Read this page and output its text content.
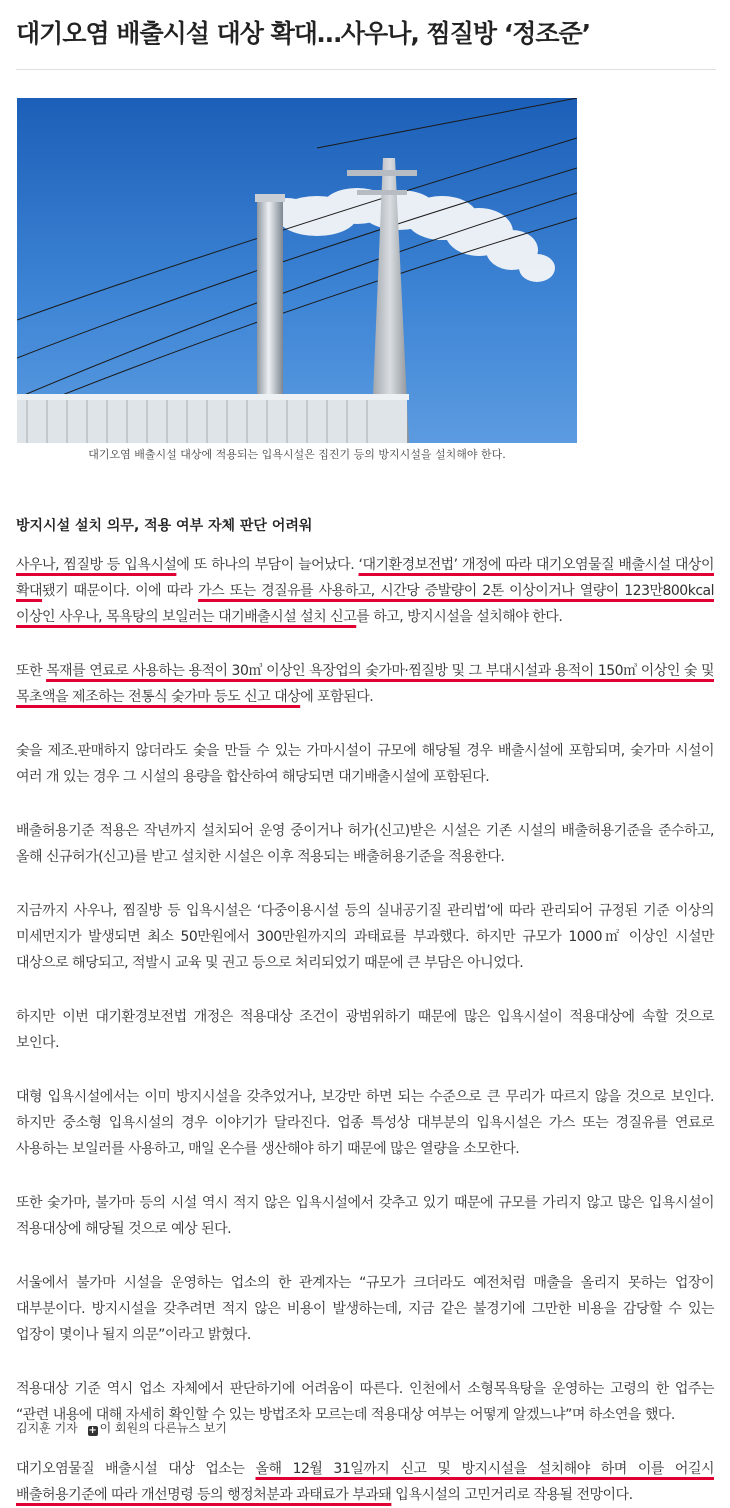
대기오염 배출시설 대상 확대…사우나, 찜질방 ‘정조준’
대기오염 배출시설 대상에 적용되는 입욕시설은 집진기 등의 방지시설을 설치해야 한다.
방지시설 설치 의무, 적용 여부 자체 판단 어려워

사우나, 찜질방 등 입욕시설에 또 하나의 부담이 늘어났다. ‘대기환경보전법’ 개정에 따라 대기오염물질 배출시설 대상이 확대됐기 때문이다. 이에 따라 가스 또는 경질유를 사용하고, 시간당 증발량이 2톤 이상이거나 열량이 123만800kcal 이상인 사우나, 목욕탕의 보일러는 대기배출시설 설치 신고를 하고, 방지시설을 설치해야 한다.

또한 목재를 연료로 사용하는 용적이 30㎥ 이상인 욕장업의 숯가마·찜질방 및 그 부대시설과 용적이 150㎥ 이상인 숯 및 목초액을 제조하는 전통식 숯가마 등도 신고 대상에 포함된다.

숯을 제조.판매하지 않더라도 숯을 만들 수 있는 가마시설이 규모에 해당될 경우 배출시설에 포함되며, 숯가마 시설이 여러 개 있는 경우 그 시설의 용량을 합산하여 해당되면 대기배출시설에 포함된다.

배출허용기준 적용은 작년까지 설치되어 운영 중이거나 허가(신고)받은 시설은 기존 시설의 배출허용기준을 준수하고, 올해 신규허가(신고)를 받고 설치한 시설은 이후 적용되는 배출허용기준을 적용한다.

지금까지 사우나, 찜질방 등 입욕시설은 ‘다중이용시설 등의 실내공기질 관리법’에 따라 관리되어 규정된 기준 이상의 미세먼지가 발생되면 최소 50만원에서 300만원까지의 과태료를 부과했다. 하지만 규모가 1000㎡ 이상인 시설만 대상으로 해당되고, 적발시 교육 및 권고 등으로 처리되었기 때문에 큰 부담은 아니었다.

하지만 이번 대기환경보전법 개정은 적용대상 조건이 광범위하기 때문에 많은 입욕시설이 적용대상에 속할 것으로 보인다.

대형 입욕시설에서는 이미 방지시설을 갖추었거나, 보강만 하면 되는 수준으로 큰 무리가 따르지 않을 것으로 보인다. 하지만 중소형 입욕시설의 경우 이야기가 달라진다. 업종 특성상 대부분의 입욕시설은 가스 또는 경질유를 연료로 사용하는 보일러를 사용하고, 매일 온수를 생산해야 하기 때문에 많은 열량을 소모한다.

또한 숯가마, 불가마 등의 시설 역시 적지 않은 입욕시설에서 갖추고 있기 때문에 규모를 가리지 않고 많은 입욕시설이 적용대상에 해당될 것으로 예상 된다.

서울에서 불가마 시설을 운영하는 업소의 한 관계자는 “규모가 크더라도 예전처럼 매출을 올리지 못하는 업장이 대부분이다. 방지시설을 갖추려면 적지 않은 비용이 발생하는데, 지금 같은 불경기에 그만한 비용을 감당할 수 있는 업장이 몇이나 될지 의문”이라고 밝혔다.

적용대상 기준 역시 업소 자체에서 판단하기에 어려움이 따른다. 인천에서 소형목욕탕을 운영하는 고령의 한 업주는 “관련 내용에 대해 자세히 확인할 수 있는 방법조차 모르는데 적용대상 여부는 어떻게 알겠느냐”며 하소연을 했다.

대기오염물질 배출시설 대상 업소는 올해 12월 31일까지 신고 및 방지시설을 설치해야 하며 이를 어길시 배출허용기준에 따라 개선명령 등의 행정처분과 과태료가 부과돼 입욕시설의 고민거리로 작용될 전망이다.

김지훈 기자 + 이 회원의 다른뉴스 보기
